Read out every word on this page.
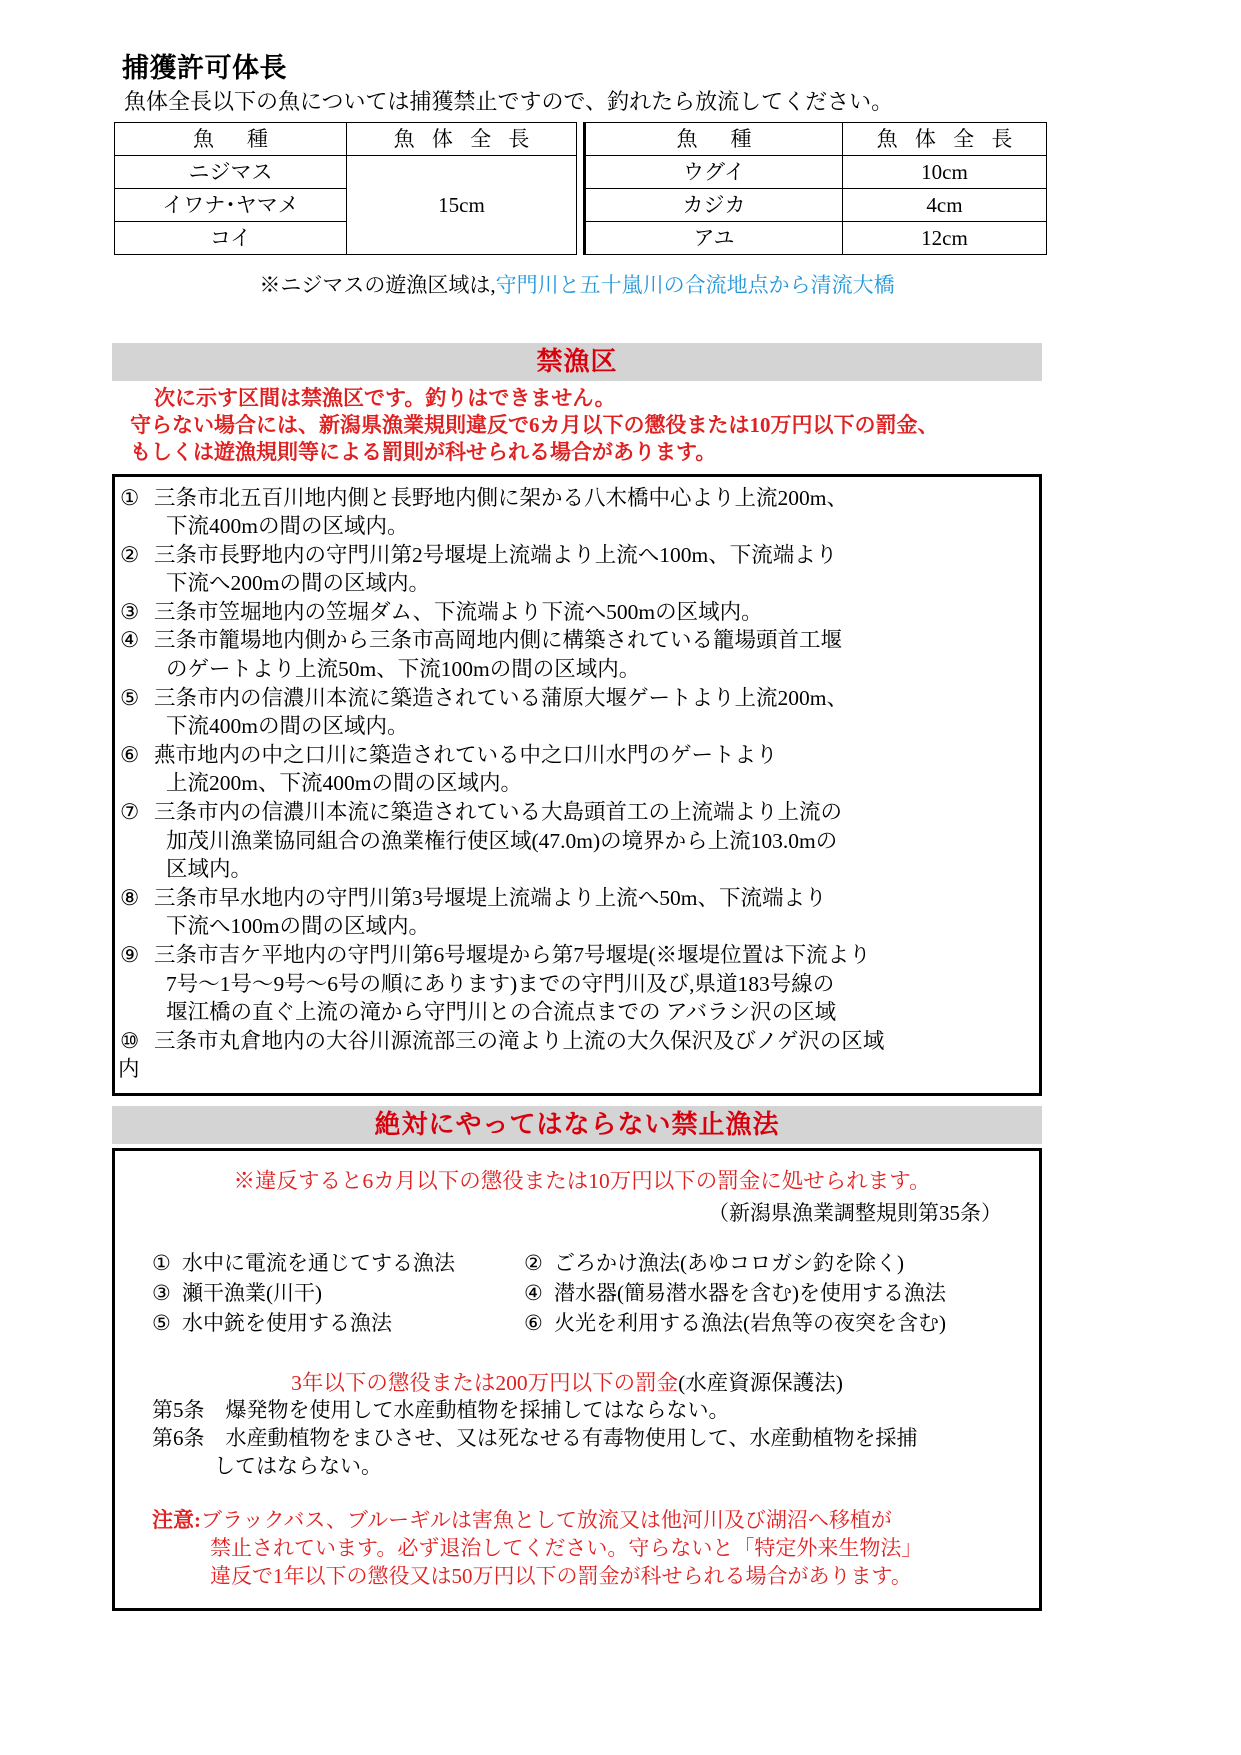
捕獲許可体長
魚体全長以下の魚については捕獲禁止ですので、釣れたら放流してください。
魚　種	魚 体 全 長
ニジマス	15cm
イワナ･ヤマメ	
コイ	
魚　種	魚 体 全 長
ウグイ	10cm
カジカ	4cm
アユ	12cm
※ニジマスの遊漁区域は,守門川と五十嵐川の合流地点から清流大橋
禁漁区
次に示す区間は禁漁区です。釣りはできません。
守らない場合には、新潟県漁業規則違反で6カ月以下の懲役または10万円以下の罰金、
もしくは遊漁規則等による罰則が科せられる場合があります。
① 三条市北五百川地内側と長野地内側に架かる八木橋中心より上流200m、
下流400mの間の区域内。
② 三条市長野地内の守門川第2号堰堤上流端より上流へ100m、下流端より
下流へ200mの間の区域内。
③ 三条市笠堀地内の笠堀ダム、下流端より下流へ500mの区域内。
④ 三条市籠場地内側から三条市高岡地内側に構築されている籠場頭首工堰
のゲートより上流50m、下流100mの間の区域内。
⑤ 三条市内の信濃川本流に築造されている蒲原大堰ゲートより上流200m、
下流400mの間の区域内。
⑥ 燕市地内の中之口川に築造されている中之口川水門のゲートより
上流200m、下流400mの間の区域内。
⑦ 三条市内の信濃川本流に築造されている大島頭首工の上流端より上流の
加茂川漁業協同組合の漁業権行使区域(47.0m)の境界から上流103.0mの
区域内。
⑧ 三条市早水地内の守門川第3号堰堤上流端より上流へ50m、下流端より
下流へ100mの間の区域内。
⑨ 三条市吉ケ平地内の守門川第6号堰堤から第7号堰堤(※堰堤位置は下流より
7号～1号～9号～6号の順にあります)までの守門川及び,県道183号線の
堰江橋の直ぐ上流の滝から守門川との合流点までの アバラシ沢の区域
⑩ 三条市丸倉地内の大谷川源流部三の滝より上流の大久保沢及びノゲ沢の区域
内
絶対にやってはならない禁止漁法
※違反すると6カ月以下の懲役または10万円以下の罰金に処せられます。
（新潟県漁業調整規則第35条）
① 水中に電流を通じてする漁法	② ごろかけ漁法(あゆコロガシ釣を除く)
③ 瀬干漁業(川干)	④ 潜水器(簡易潜水器を含む)を使用する漁法
⑤ 水中銃を使用する漁法	⑥ 火光を利用する漁法(岩魚等の夜突を含む)
3年以下の懲役または200万円以下の罰金(水産資源保護法)
第5条　爆発物を使用して水産動植物を採捕してはならない。
第6条　水産動植物をまひさせ、又は死なせる有毒物使用して、水産動植物を採捕
してはならない。
注意:ブラックバス、ブルーギルは害魚として放流又は他河川及び湖沼へ移植が
禁止されています。必ず退治してください。守らないと「特定外来生物法」
違反で1年以下の懲役又は50万円以下の罰金が科せられる場合があります。
